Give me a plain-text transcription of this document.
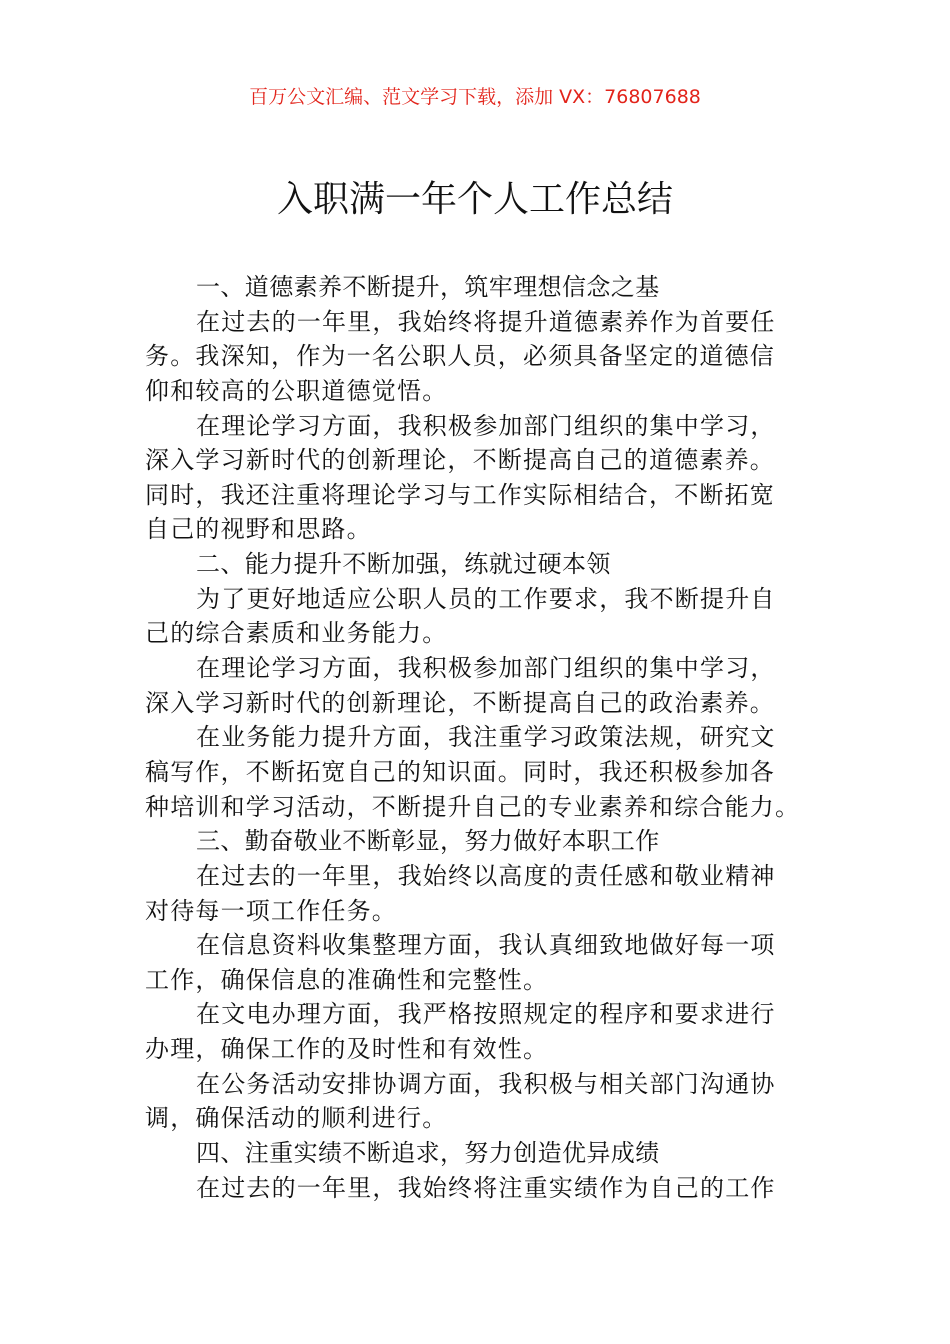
百万公文汇编、范文学习下载，添加 VX：76807688
入职满一年个人工作总结
一、道德素养不断提升，筑牢理想信念之基
在过去的一年里，我始终将提升道德素养作为首要任
务。我深知，作为一名公职人员，必须具备坚定的道德信
仰和较高的公职道德觉悟。
在理论学习方面，我积极参加部门组织的集中学习，
深入学习新时代的创新理论，不断提高自己的道德素养。
同时，我还注重将理论学习与工作实际相结合，不断拓宽
自己的视野和思路。
二、能力提升不断加强，练就过硬本领
为了更好地适应公职人员的工作要求，我不断提升自
己的综合素质和业务能力。
在理论学习方面，我积极参加部门组织的集中学习，
深入学习新时代的创新理论，不断提高自己的政治素养。
在业务能力提升方面，我注重学习政策法规，研究文
稿写作，不断拓宽自己的知识面。同时，我还积极参加各
种培训和学习活动，不断提升自己的专业素养和综合能力。
三、勤奋敬业不断彰显，努力做好本职工作
在过去的一年里，我始终以高度的责任感和敬业精神
对待每一项工作任务。
在信息资料收集整理方面，我认真细致地做好每一项
工作，确保信息的准确性和完整性。
在文电办理方面，我严格按照规定的程序和要求进行
办理，确保工作的及时性和有效性。
在公务活动安排协调方面，我积极与相关部门沟通协
调，确保活动的顺利进行。
四、注重实绩不断追求，努力创造优异成绩
在过去的一年里，我始终将注重实绩作为自己的工作
